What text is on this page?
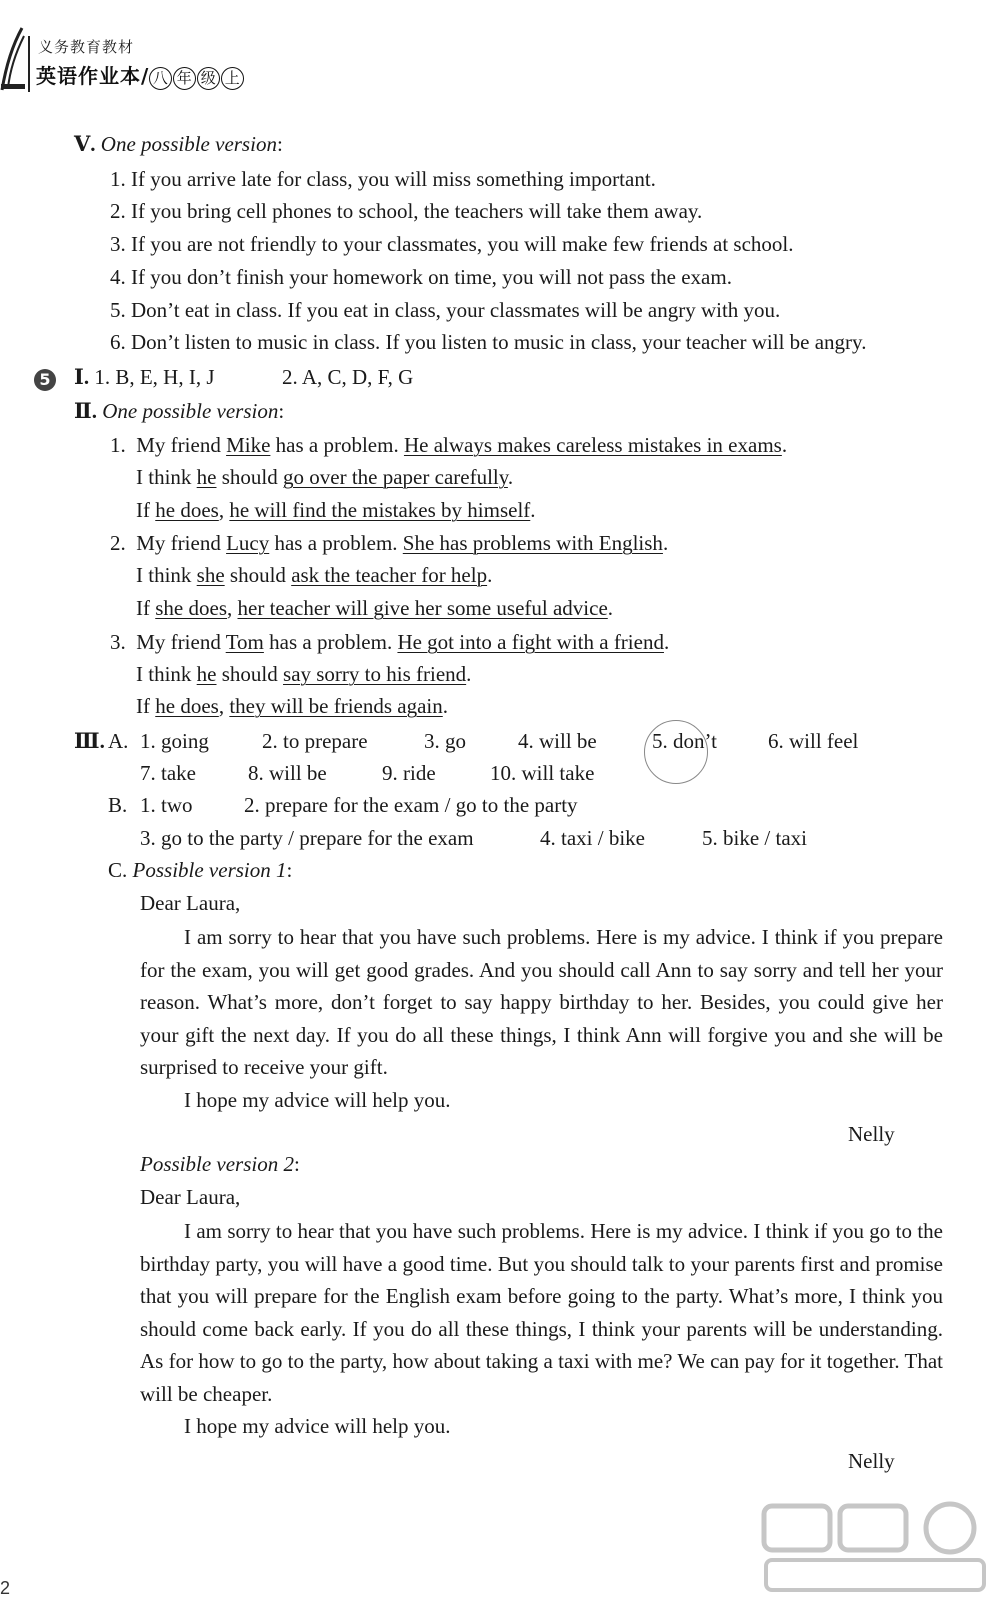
义务教育教材
英语作业本/ 八 年 级 上
Ⅴ. One possible version:
1. If you arrive late for class, you will miss something important.
2. If you bring cell phones to school, the teachers will take them away.
3. If you are not friendly to your classmates, you will make few friends at school.
4. If you don’t finish your homework on time, you will not pass the exam.
5. Don’t eat in class. If you eat in class, your classmates will be angry with you.
6. Don’t listen to music in class. If you listen to music in class, your teacher will be angry.
5 Ⅰ. 1. B, E, H, I, J	2. A, C, D, F, G
Ⅱ. One possible version:
1. My friend Mike has a problem. He always makes careless mistakes in exams.
I think he should go over the paper carefully.
If he does, he will find the mistakes by himself.
2. My friend Lucy has a problem. She has problems with English.
I think she should ask the teacher for help.
If she does, her teacher will give her some useful advice.
3. My friend Tom has a problem. He got into a fight with a friend.
I think he should say sorry to his friend.
If he does, they will be friends again.
Ⅲ. A. 1. going	2. to prepare	3. go 4. will be	5. don’t 6. will feel
7. take 8. will be	9. ride	10. will take
B. 1. two 2. prepare for the exam / go to the party
3. go to the party / prepare for the exam	4. taxi / bike	5. bike / taxi
C. Possible version 1:
Dear Laura,
I am sorry to hear that you have such problems. Here is my advice. I think if you prepare for the exam, you will get good grades. And you should call Ann to say sorry and tell her your reason. What’s more, don’t forget to say happy birthday to her. Besides, you could give her your gift the next day. If you do all these things, I think Ann will forgive you and she will be surprised to receive your gift.
I hope my advice will help you.
Nelly
Possible version 2:
Dear Laura,
I am sorry to hear that you have such problems. Here is my advice. I think if you go to the birthday party, you will have a good time. But you should talk to your parents first and promise that you will prepare for the English exam before going to the party. What’s more, I think you should come back early. If you do all these things, I think your parents will be understanding. As for how to go to the party, how about taking a taxi with me? We can pay for it together. That will be cheaper.
I hope my advice will help you.
Nelly
2
